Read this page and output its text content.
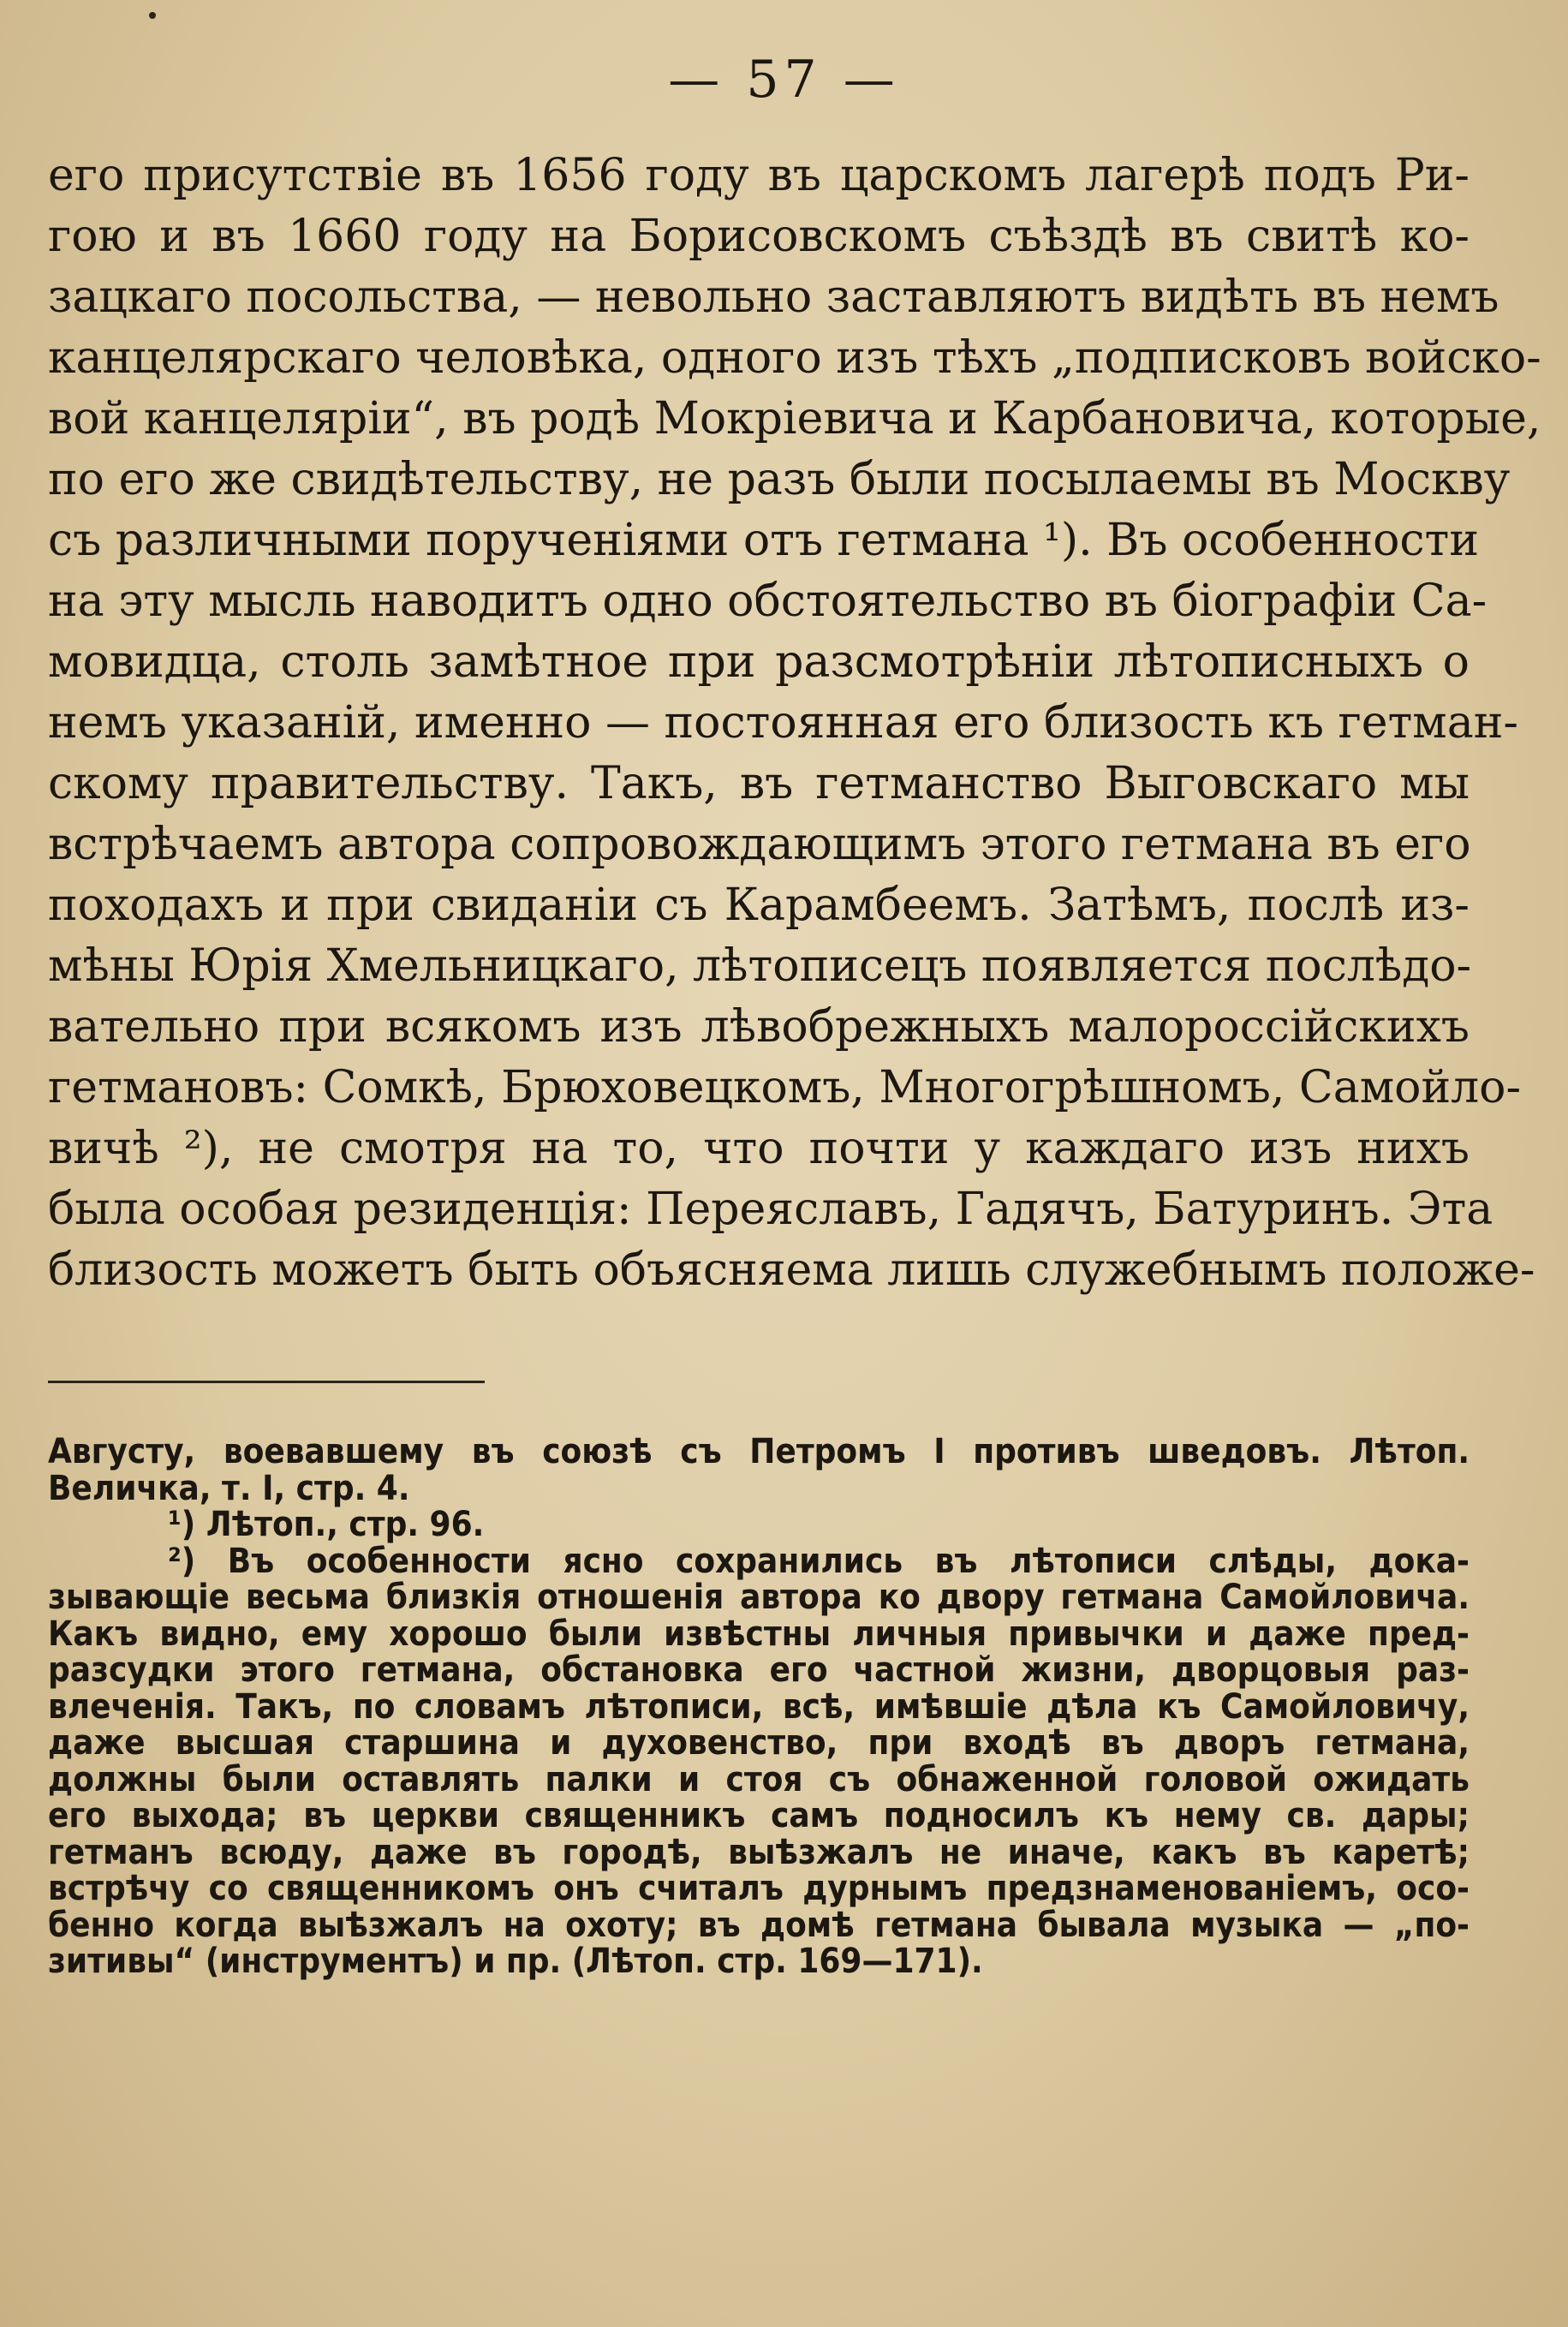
— 57 —
его присутствіе въ 1656 году въ царскомъ лагерѣ подъ Ри-
гою и въ 1660 году на Борисовскомъ съѣздѣ въ свитѣ ко-
зацкаго посольства, — невольно заставляютъ видѣть въ немъ
канцелярскаго человѣка, одного изъ тѣхъ „подписковъ войско-
вой канцеляріи“, въ родѣ Мокріевича и Карбановича, которые,
по его же свидѣтельству, не разъ были посылаемы въ Москву
съ различными порученіями отъ гетмана ¹). Въ особенности
на эту мысль наводитъ одно обстоятельство въ біографіи Са-
мовидца, столь замѣтное при разсмотрѣніи лѣтописныхъ о
немъ указаній, именно — постоянная его близость къ гетман-
скому правительству. Такъ, въ гетманство Выговскаго мы
встрѣчаемъ автора сопровождающимъ этого гетмана въ его
походахъ и при свиданіи съ Карамбеемъ. Затѣмъ, послѣ из-
мѣны Юрія Хмельницкаго, лѣтописецъ появляется послѣдо-
вательно при всякомъ изъ лѣвобрежныхъ малороссійскихъ
гетмановъ: Сомкѣ, Брюховецкомъ, Многогрѣшномъ, Самойло-
вичѣ ²), не смотря на то, что почти у каждаго изъ нихъ
была особая резиденція: Переяславъ, Гадячъ, Батуринъ. Эта
близость можетъ быть объясняема лишь служебнымъ положе-
Августу, воевавшему въ союзѣ съ Петромъ I противъ шведовъ. Лѣтоп.
Величка, т. I, стр. 4.
¹) Лѣтоп., стр. 96.
²) Въ особенности ясно сохранились въ лѣтописи слѣды, дока-
зывающіе весьма близкія отношенія автора ко двору гетмана Самойловича.
Какъ видно, ему хорошо были извѣстны личныя привычки и даже пред-
разсудки этого гетмана, обстановка его частной жизни, дворцовыя раз-
влеченія. Такъ, по словамъ лѣтописи, всѣ, имѣвшіе дѣла къ Самойловичу,
даже высшая старшина и духовенство, при входѣ въ дворъ гетмана,
должны были оставлять палки и стоя съ обнаженной головой ожидать
его выхода; въ церкви священникъ самъ подносилъ къ нему св. дары;
гетманъ всюду, даже въ городѣ, выѣзжалъ не иначе, какъ въ каретѣ;
встрѣчу со священникомъ онъ считалъ дурнымъ предзнаменованіемъ, осо-
бенно когда выѣзжалъ на охоту; въ домѣ гетмана бывала музыка — „по-
зитивы“ (инструментъ) и пр. (Лѣтоп. стр. 169—171).
